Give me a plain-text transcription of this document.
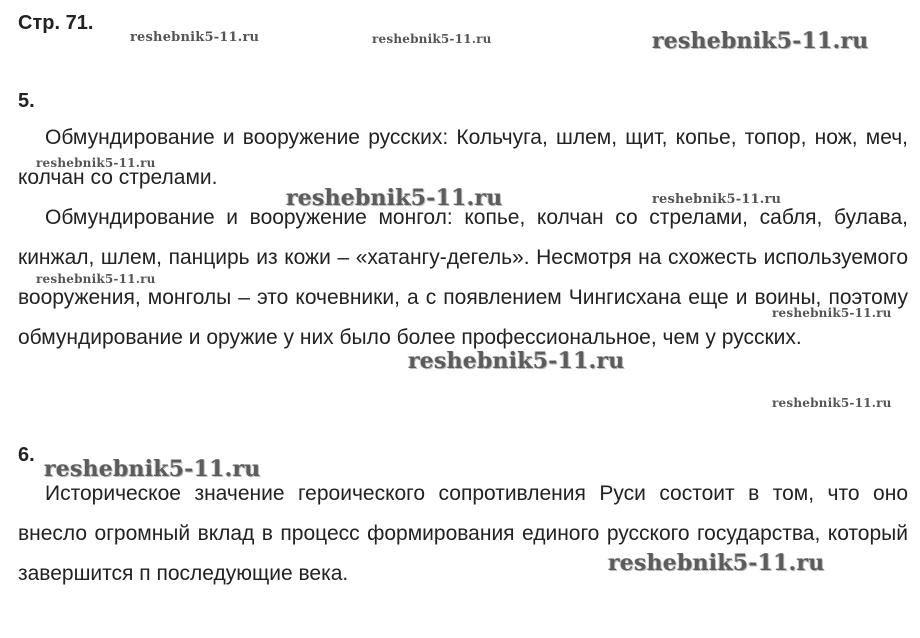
Стр. 71.
5.

Обмундирование и вооружение русских: Кольчуга, шлем, щит, копье, топор, нож, меч, колчан со стрелами.

Обмундирование и вооружение монгол: копье, колчан со стрелами, сабля, булава, кинжал, шлем, панцирь из кожи – «хатангу-дегель». Несмотря на схожесть используемого вооружения, монголы – это кочевники, а с появлением Чингисхана еще и воины, поэтому обмундирование и оружие у них было более профессиональное, чем у русских.

6.

Историческое значение героического сопротивления Руси состоит в том, что оно внесло огромный вклад в процесс формирования единого русского государства, который завершится п последующие века.

reshebnik5-11.ru	reshebnik5-11.ru	reshebnik5-11.ru
reshebnik5-11.ru
reshebnik5-11.ru	reshebnik5-11.ru
reshebnik5-11.ru
reshebnik5-11.ru
reshebnik5-11.ru
reshebnik5-11.ru
reshebnik5-11.ru
reshebnik5-11.ru
